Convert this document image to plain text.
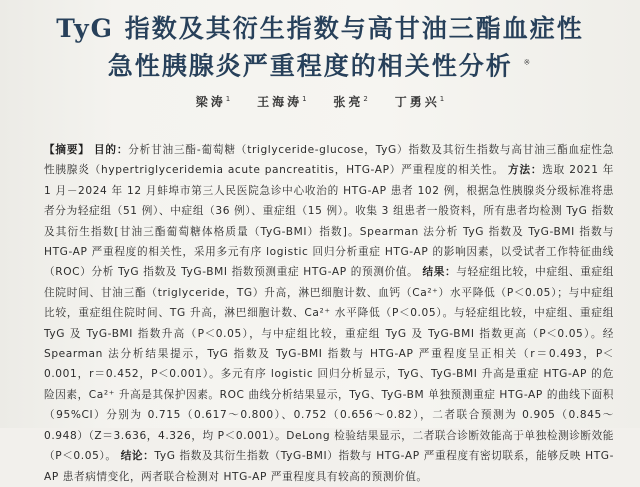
TyG 指数及其衍生指数与高甘油三酯血症性
急性胰腺炎严重程度的相关性分析 ※
梁涛$^1$ 王海涛$^1$ 张亮$^2$ 丁勇兴$^1$
【摘要】 目的：分析甘油三酯-葡萄糖（triglyceride-glucose，TyG）指数及其衍生指数与高甘油三酯血症性急性胰腺炎（hypertriglyceridemia acute pancreatitis，HTG-AP）严重程度的相关性。 方法：选取 2021 年 1 月－2024 年 12 月蚌埠市第三人民医院急诊中心收治的 HTG-AP 患者 102 例，根据急性胰腺炎分级标准将患者分为轻症组（51 例）、中症组（36 例）、重症组（15 例）。收集 3 组患者一般资料，所有患者均检测 TyG 指数及其衍生指数[甘油三酯葡萄糖体格质量（TyG-BMI）指数]。Spearman 法分析 TyG 指数及 TyG-BMI 指数与 HTG-AP 严重程度的相关性，采用多元有序 logistic 回归分析重症 HTG-AP 的影响因素，以受试者工作特征曲线（ROC）分析 TyG 指数及 TyG-BMI 指数预测重症 HTG-AP 的预测价值。 结果：与轻症组比较，中症组、重症组住院时间、甘油三酯（triglyceride，TG）升高，淋巴细胞计数、血钙（Ca²⁺）水平降低（P＜0.05）；与中症组比较，重症组住院时间、TG 升高，淋巴细胞计数、Ca²⁺ 水平降低（P＜0.05）。与轻症组比较，中症组、重症组 TyG 及 TyG-BMI 指数升高（P＜0.05），与中症组比较，重症组 TyG 及 TyG-BMI 指数更高（P＜0.05）。经 Spearman 法分析结果提示，TyG 指数及 TyG-BMI 指数与 HTG-AP 严重程度呈正相关（r＝0.493，P＜0.001，r＝0.452，P＜0.001）。多元有序 logistic 回归分析显示，TyG、TyG-BMI 升高是重症 HTG-AP 的危险因素，Ca²⁺ 升高是其保护因素。ROC 曲线分析结果显示，TyG、TyG-BM 单独预测重症 HTG-AP 的曲线下面积（95%CI）分别为 0.715（0.617～0.800）、0.752（0.656～0.82），二者联合预测为 0.905（0.845～0.948）（Z＝3.636，4.326，均 P＜0.001）。DeLong 检验结果显示，二者联合诊断效能高于单独检测诊断效能（P＜0.05）。 结论：TyG 指数及其衍生指数（TyG-BMI）指数与 HTG-AP 严重程度有密切联系，能够反映 HTG-AP 患者病情变化，两者联合检测对 HTG-AP 严重程度具有较高的预测价值。
